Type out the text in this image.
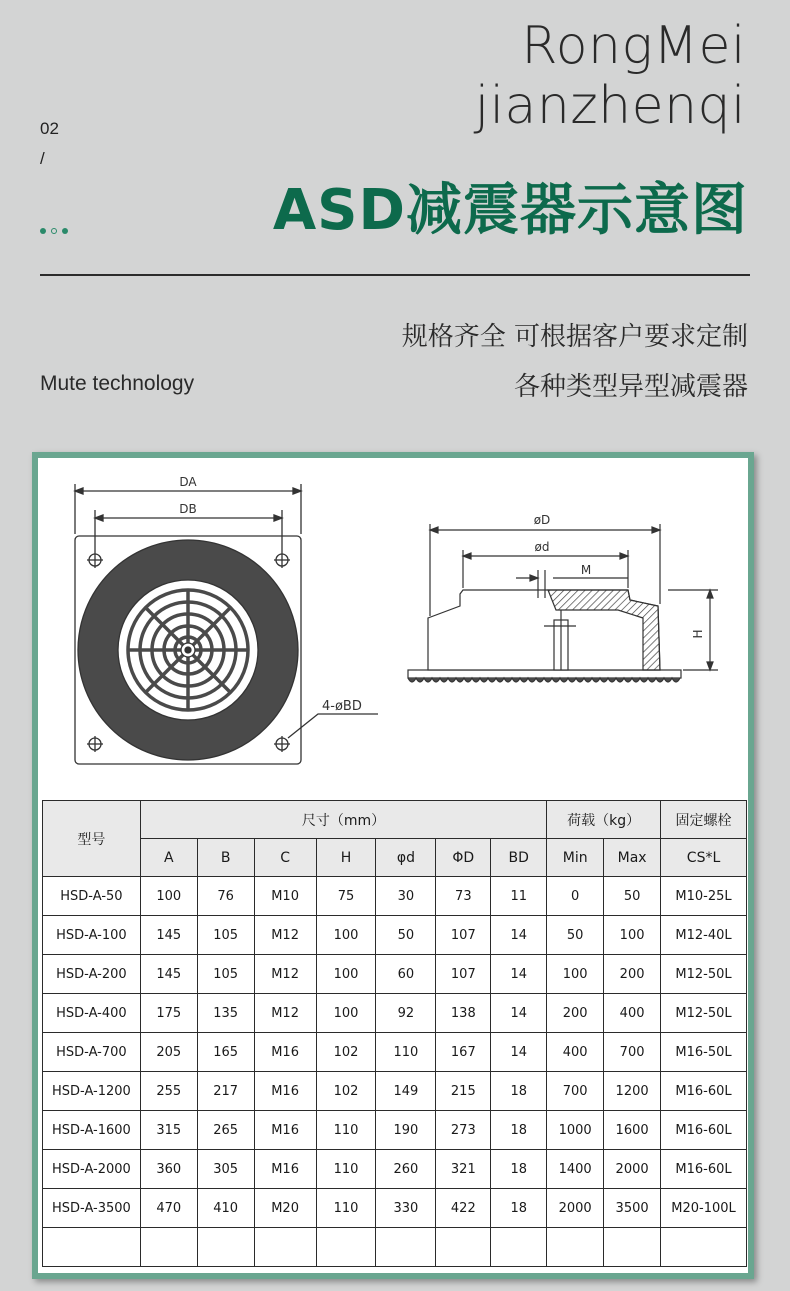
RongMei
jianzhenqi
02
/
ASD减震器示意图
规格齐全 可根据客户要求定制
各种类型异型减震器
Mute technology
DA
DB
4-øBD
øD
ød
M
H
型号	尺寸（mm）							荷载（kg）		固定螺栓
	A	B	C	H	φd	ΦD	BD	Min	Max	CS*L
HSD-A-50	100	76	M10	75	30	73	11	0	50	M10-25L
HSD-A-100	145	105	M12	100	50	107	14	50	100	M12-40L
HSD-A-200	145	105	M12	100	60	107	14	100	200	M12-50L
HSD-A-400	175	135	M12	100	92	138	14	200	400	M12-50L
HSD-A-700	205	165	M16	102	110	167	14	400	700	M16-50L
HSD-A-1200	255	217	M16	102	149	215	18	700	1200	M16-60L
HSD-A-1600	315	265	M16	110	190	273	18	1000	1600	M16-60L
HSD-A-2000	360	305	M16	110	260	321	18	1400	2000	M16-60L
HSD-A-3500	470	410	M20	110	330	422	18	2000	3500	M20-100L
